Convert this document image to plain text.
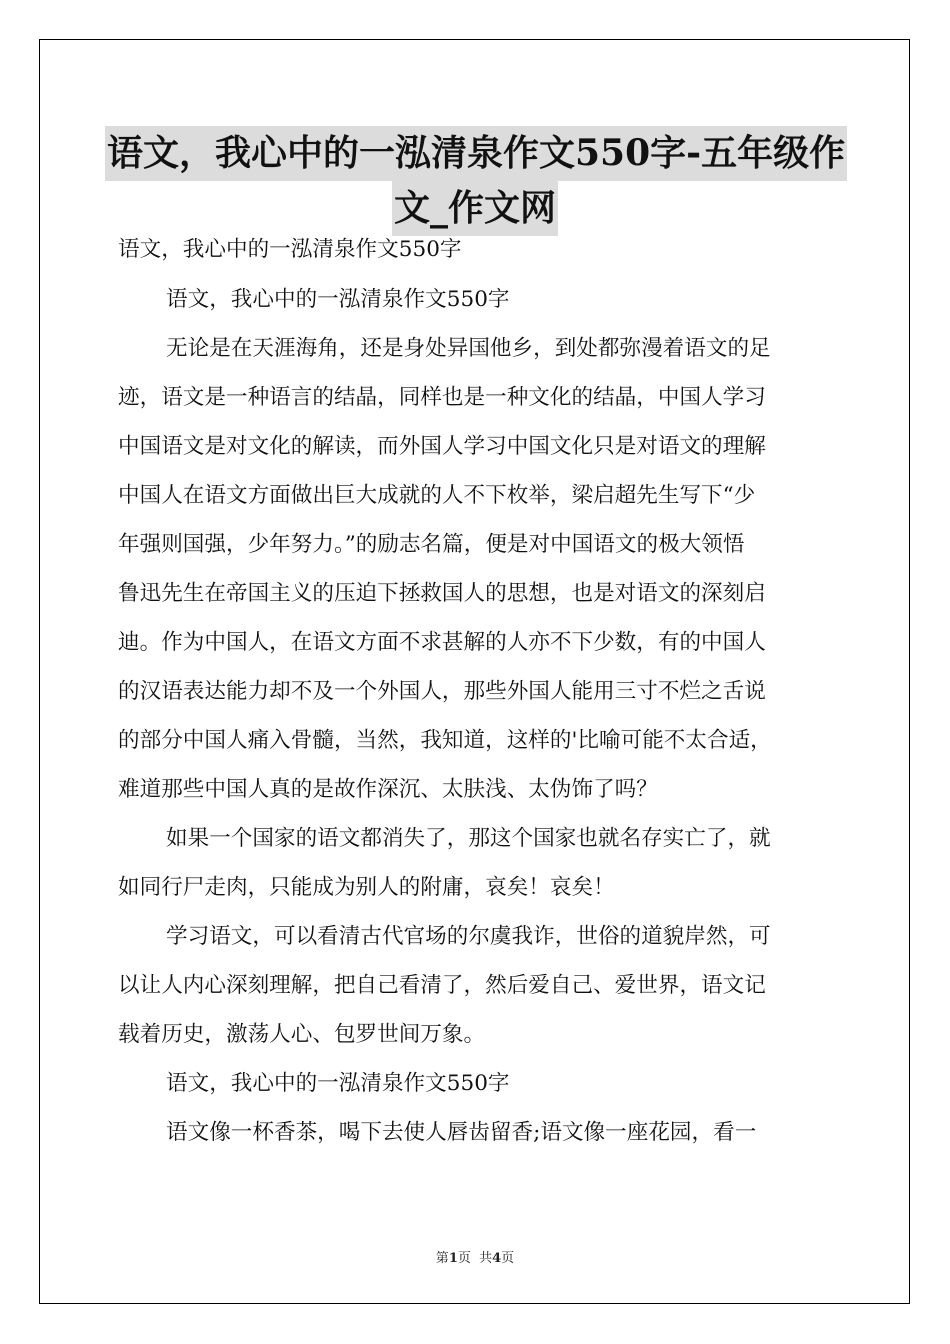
语文，我心中的一泓清泉作文550字-五年级作
文_作文网
语文，我心中的一泓清泉作文550字
语文，我心中的一泓清泉作文550字
无论是在天涯海角，还是身处异国他乡，到处都弥漫着语文的足
迹，语文是一种语言的结晶，同样也是一种文化的结晶，中国人学习
中国语文是对文化的解读，而外国人学习中国文化只是对语文的理解
中国人在语文方面做出巨大成就的人不下枚举，梁启超先生写下“少
年强则国强，少年努力。”的励志名篇，便是对中国语文的极大领悟
鲁迅先生在帝国主义的压迫下拯救国人的思想，也是对语文的深刻启
迪。作为中国人，在语文方面不求甚解的人亦不下少数，有的中国人
的汉语表达能力却不及一个外国人，那些外国人能用三寸不烂之舌说
的部分中国人痛入骨髓，当然，我知道，这样的'比喻可能不太合适，
难道那些中国人真的是故作深沉、太肤浅、太伪饰了吗？
如果一个国家的语文都消失了，那这个国家也就名存实亡了，就
如同行尸走肉，只能成为别人的附庸，哀矣！哀矣！
学习语文，可以看清古代官场的尔虞我诈，世俗的道貌岸然，可
以让人内心深刻理解，把自己看清了，然后爱自己、爱世界，语文记
载着历史，激荡人心、包罗世间万象。
语文，我心中的一泓清泉作文550字
语文像一杯香茶，喝下去使人唇齿留香;语文像一座花园，看一
第1页  共4页
